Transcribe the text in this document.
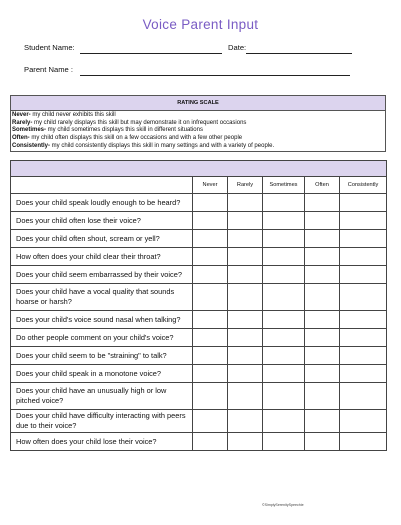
Voice Parent Input
Student Name:	Date:
Parent Name :
RATING SCALE
Never- my child never exhibits this skill
Rarely- my child rarely displays this skill but may demonstrate it on infrequent occasions
Sometimes- my child sometimes displays this skill in different situations
Often- my child often displays this skill on a few occasions and with a few other people
Consistently- my child consistently displays this skill in many settings and with a variety of people.

	Never	Rarely	Sometimes	Often	Consistently
Does your child speak loudly enough to be heard?					
Does your child often lose their voice?					
Does your child often shout, scream or yell?					
How often does your child clear their throat?					
Does your child seem embarrassed by their voice?					
Does your child have a vocal quality that sounds hoarse or harsh?					
Does your child's voice sound nasal when talking?					
Do other people comment on your child's voice?					
Does your child seem to be "straining" to talk?					
Does your child speak in a monotone voice?					
Does your child have an unusually high or low pitched voice?					
Does your child have difficulty interacting with peers due to their voice?					
How often does your child lose their voice?					
©SimplySerenitySpeechie
